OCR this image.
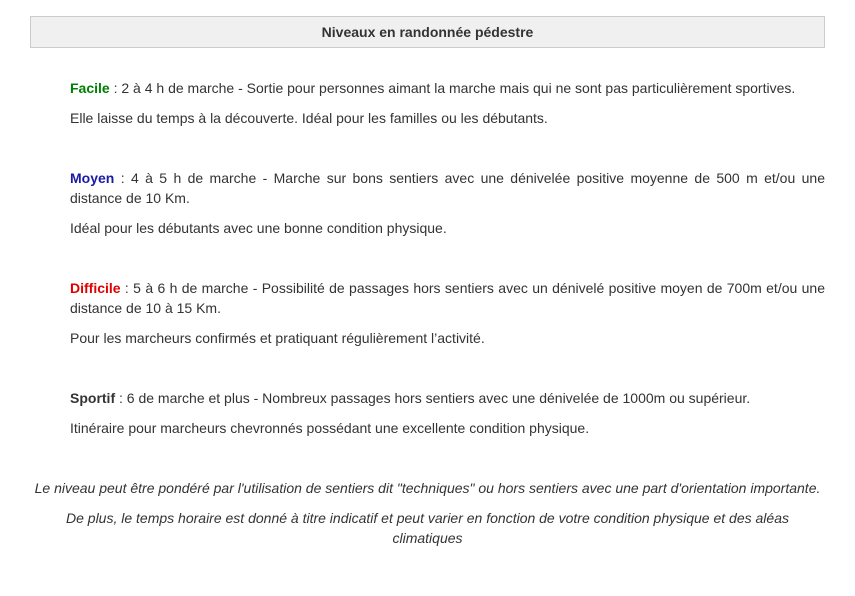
Niveaux en randonnée pédestre

Facile : 2 à 4 h de marche - Sortie pour personnes aimant la marche mais qui ne sont pas particulièrement sportives.

Elle laisse du temps à la découverte. Idéal pour les familles ou les débutants.

Moyen : 4 à 5 h de marche - Marche sur bons sentiers avec une dénivelée positive moyenne de 500 m et/ou une distance de 10 Km.

Idéal pour les débutants avec une bonne condition physique.

Difficile : 5 à 6 h de marche - Possibilité de passages hors sentiers avec un dénivelé positive moyen de 700m et/ou une distance de 10 à 15 Km.

Pour les marcheurs confirmés et pratiquant régulièrement l’activité.

Sportif : 6 de marche et plus - Nombreux passages hors sentiers avec une dénivelée de 1000m ou supérieur.

Itinéraire pour marcheurs chevronnés possédant une excellente condition physique.

Le niveau peut être pondéré par l'utilisation de sentiers dit "techniques" ou hors sentiers avec une part d'orientation importante.

De plus, le temps horaire est donné à titre indicatif et peut varier en fonction de votre condition physique et des aléas climatiques
